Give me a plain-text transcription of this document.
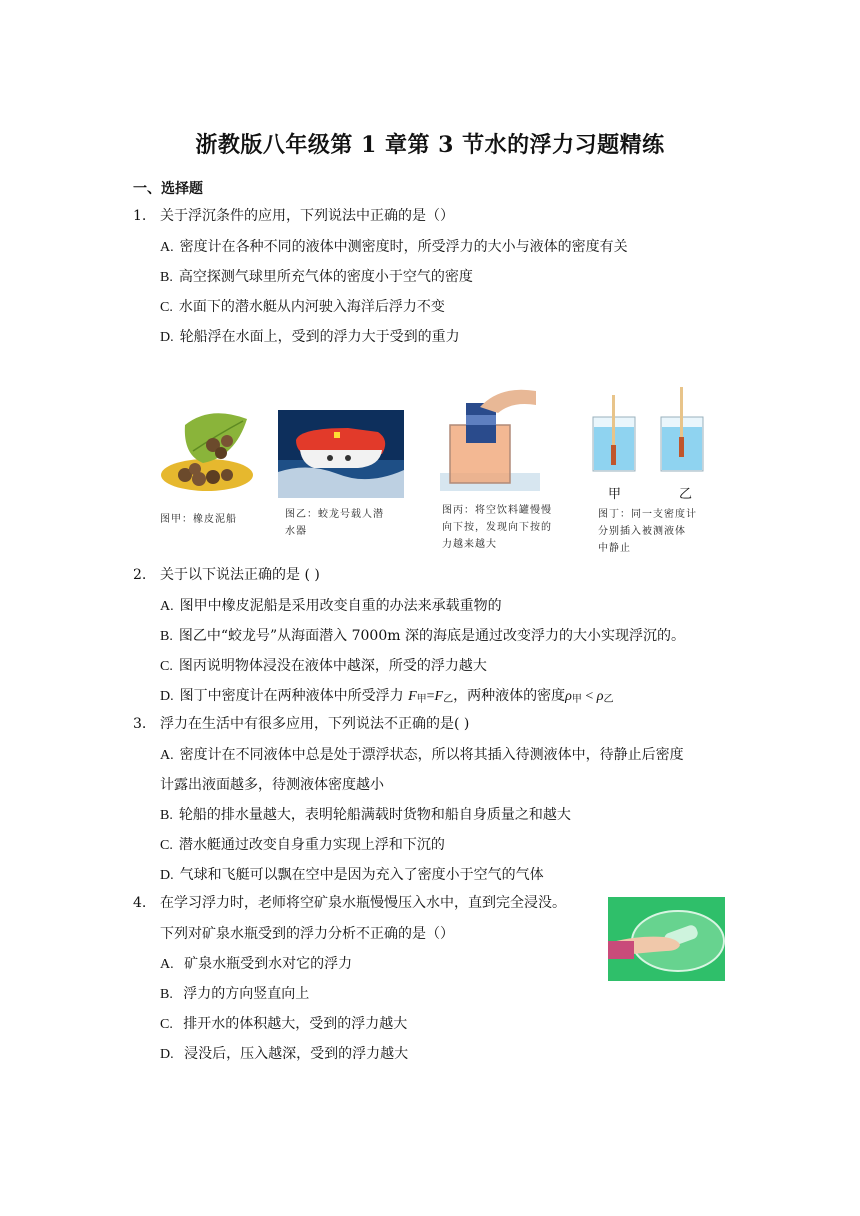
浙教版八年级第 1 章第 3 节水的浮力习题精练
一、选择题
1. 关于浮沉条件的应用，下列说法中正确的是（）
A. 密度计在各种不同的液体中测密度时，所受浮力的大小与液体的密度有关
B. 高空探测气球里所充气体的密度小于空气的密度
C. 水面下的潜水艇从内河驶入海洋后浮力不变
D. 轮船浮在水面上，受到的浮力大于受到的重力
甲	乙
图甲：橡皮泥船	图乙：蛟龙号载人潜
水器
图丙：将空饮料罐慢慢
向下按，发现向下按的
力越来越大
图丁：同一支密度计
分别插入被测液体
中静止
2. 关于以下说法正确的是 ( )
A. 图甲中橡皮泥船是采用改变自重的办法来承载重物的
B. 图乙中“蛟龙号”从海面潜入 7000m 深的海底是通过改变浮力的大小实现浮沉的。
C. 图丙说明物体浸没在液体中越深，所受的浮力越大
D. 图丁中密度计在两种液体中所受浮力 $F_甲=F_乙$，两种液体的密度$\rho_甲 < \rho_乙$
3. 浮力在生活中有很多应用，下列说法不正确的是( )
A. 密度计在不同液体中总是处于漂浮状态，所以将其插入待测液体中，待静止后密度
计露出液面越多，待测液体密度越小
B. 轮船的排水量越大，表明轮船满载时货物和船自身质量之和越大
C. 潜水艇通过改变自身重力实现上浮和下沉的
D. 气球和飞艇可以飘在空中是因为充入了密度小于空气的气体
4. 在学习浮力时，老师将空矿泉水瓶慢慢压入水中，直到完全浸没。
下列对矿泉水瓶受到的浮力分析不正确的是（）
A. 矿泉水瓶受到水对它的浮力
B. 浮力的方向竖直向上
C. 排开水的体积越大，受到的浮力越大
D. 浸没后，压入越深，受到的浮力越大
